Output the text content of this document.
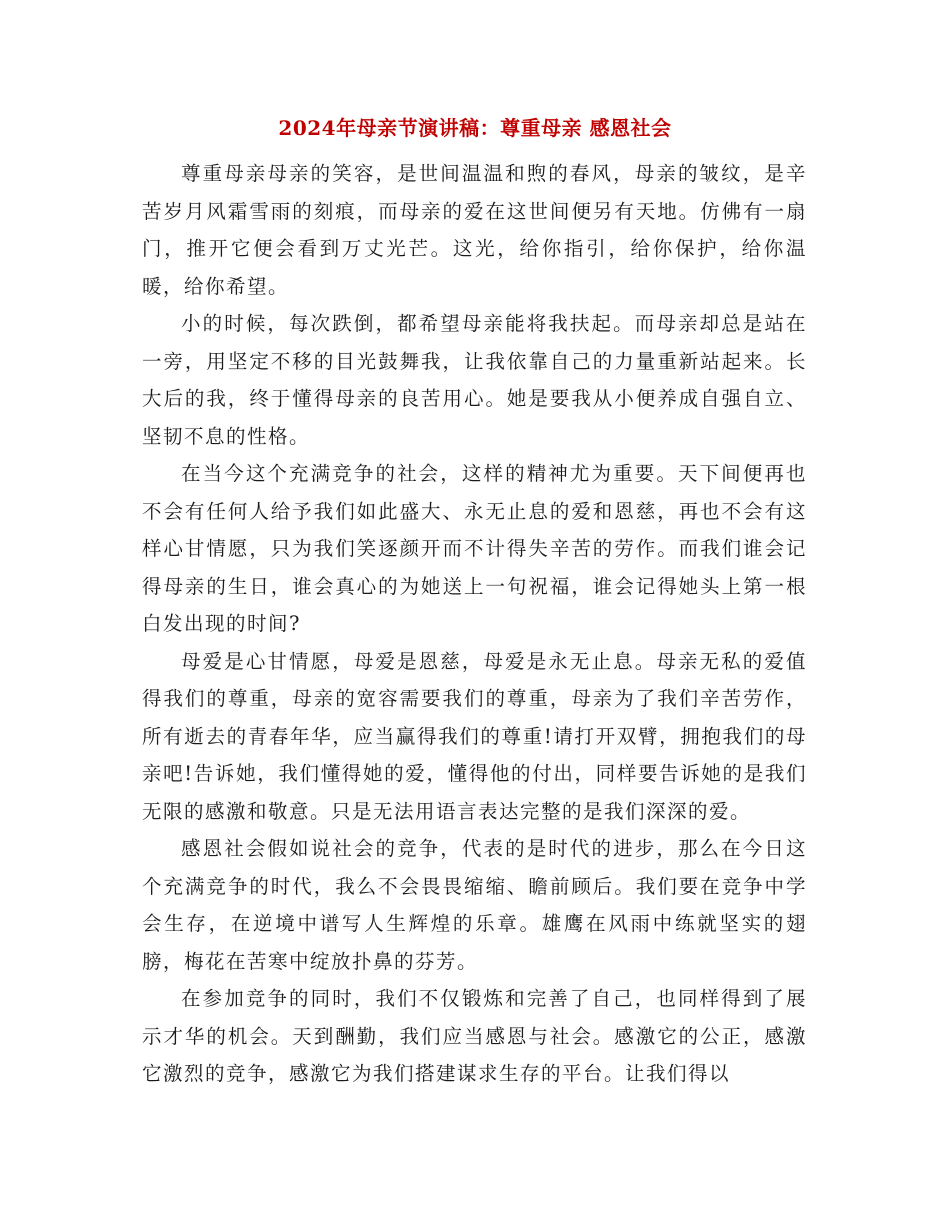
2024年母亲节演讲稿：尊重母亲 感恩社会

尊重母亲母亲的笑容，是世间温温和煦的春风，母亲的皱纹，是辛苦岁月风霜雪雨的刻痕，而母亲的爱在这世间便另有天地。仿佛有一扇门，推开它便会看到万丈光芒。这光，给你指引，给你保护，给你温暖，给你希望。

小的时候，每次跌倒，都希望母亲能将我扶起。而母亲却总是站在一旁，用坚定不移的目光鼓舞我，让我依靠自己的力量重新站起来。长大后的我，终于懂得母亲的良苦用心。她是要我从小便养成自强自立、坚韧不息的性格。

在当今这个充满竞争的社会，这样的精神尤为重要。天下间便再也不会有任何人给予我们如此盛大、永无止息的爱和恩慈，再也不会有这样心甘情愿，只为我们笑逐颜开而不计得失辛苦的劳作。而我们谁会记得母亲的生日，谁会真心的为她送上一句祝福，谁会记得她头上第一根白发出现的时间?

母爱是心甘情愿，母爱是恩慈，母爱是永无止息。母亲无私的爱值得我们的尊重，母亲的宽容需要我们的尊重，母亲为了我们辛苦劳作，所有逝去的青春年华，应当赢得我们的尊重!请打开双臂，拥抱我们的母亲吧!告诉她，我们懂得她的爱，懂得他的付出，同样要告诉她的是我们无限的感激和敬意。只是无法用语言表达完整的是我们深深的爱。

感恩社会假如说社会的竞争，代表的是时代的进步，那么在今日这个充满竞争的时代，我么不会畏畏缩缩、瞻前顾后。我们要在竞争中学会生存，在逆境中谱写人生辉煌的乐章。雄鹰在风雨中练就坚实的翅膀，梅花在苦寒中绽放扑鼻的芬芳。

在参加竞争的同时，我们不仅锻炼和完善了自己，也同样得到了展示才华的机会。天到酬勤，我们应当感恩与社会。感激它的公正，感激它激烈的竞争，感激它为我们搭建谋求生存的平台。让我们得以
